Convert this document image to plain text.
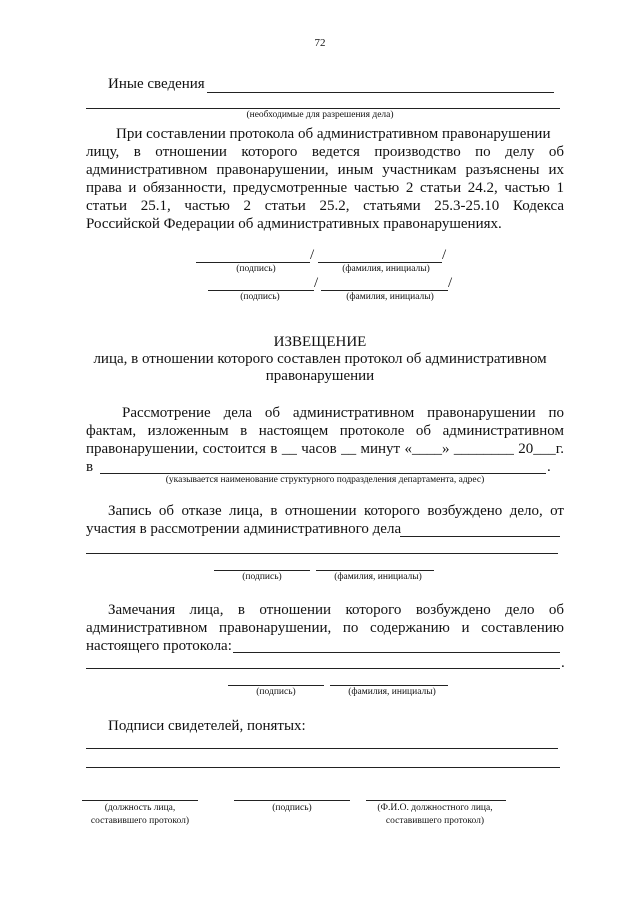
72
Иные сведения
(необходимые для разрешения дела)
При составлении протокола об административном правонарушении
лицу, в отношении которого ведется производство по делу об
административном правонарушении, иным участникам разъяснены их
права и обязанности, предусмотренные частью 2 статьи 24.2, частью 1
статьи 25.1, частью 2 статьи 25.2, статьями 25.3-25.10 Кодекса
Российской Федерации об административных правонарушениях.
/	/
(подпись)	(фамилия, инициалы)
/	/
(подпись)	(фамилия, инициалы)
ИЗВЕЩЕНИЕ
лица, в отношении которого составлен протокол об административном
правонарушении
Рассмотрение дела об административном правонарушении по
фактам, изложенным в настоящем протоколе об административном
правонарушении, состоится в __ часов __ минут «____» ________ 20___г.
в	.
(указывается наименование структурного подразделения департамента, адрес)
Запись об отказе лица, в отношении которого возбуждено дело, от
участия в рассмотрении административного дела
(подпись)	(фамилия, инициалы)
Замечания лица, в отношении которого возбуждено дело об
административном правонарушении, по содержанию и составлению
настоящего протокола:
.
(подпись)	(фамилия, инициалы)
Подписи свидетелей, понятых:
(должность лица,
составившего протокол)
(подпись)	(Ф.И.О. должностного лица,
составившего протокол)
